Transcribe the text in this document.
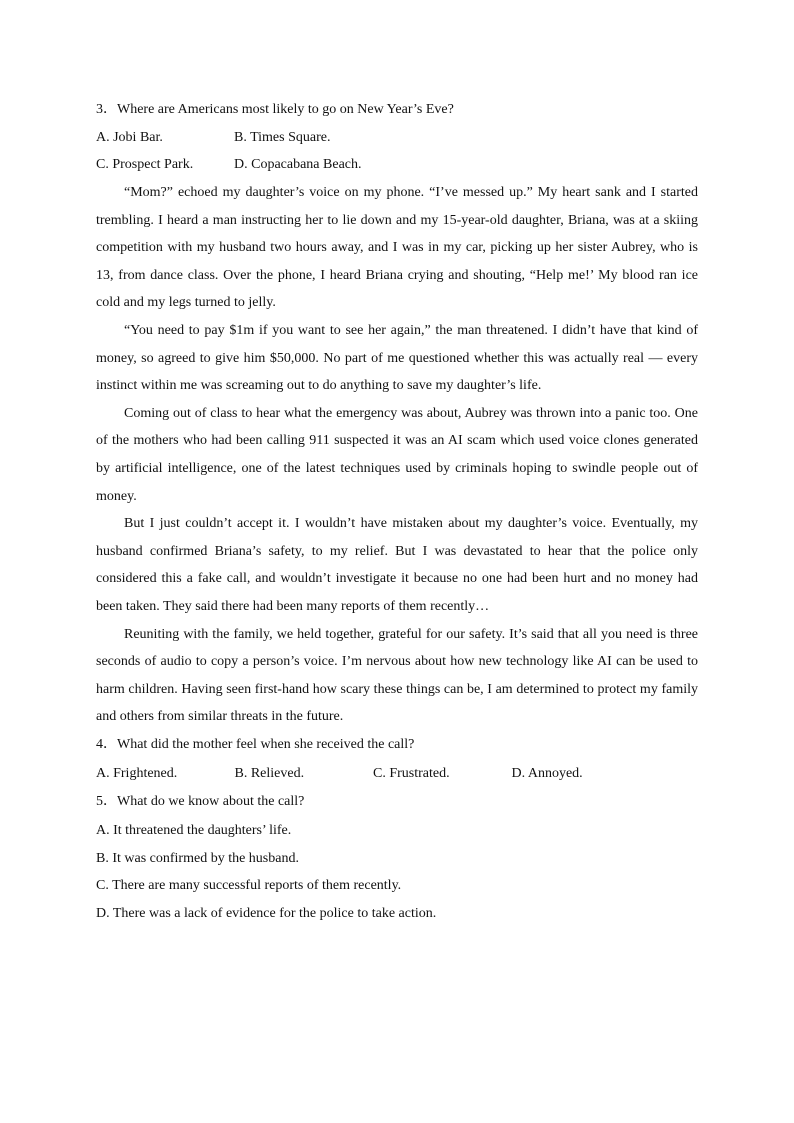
3．Where are Americans most likely to go on New Year’s Eve?
A. Jobi Bar.	B. Times Square.
C. Prospect Park.	D. Copacabana Beach.

“Mom?” echoed my daughter’s voice on my phone. “I’ve messed up.” My heart sank and I started trembling. I heard a man instructing her to lie down and my 15-year-old daughter, Briana, was at a skiing competition with my husband two hours away, and I was in my car, picking up her sister Aubrey, who is 13, from dance class. Over the phone, I heard Briana crying and shouting, “Help me!’ My blood ran ice cold and my legs turned to jelly.

“You need to pay $1m if you want to see her again,” the man threatened. I didn’t have that kind of money, so agreed to give him $50,000. No part of me questioned whether this was actually real — every instinct within me was screaming out to do anything to save my daughter’s life.

Coming out of class to hear what the emergency was about, Aubrey was thrown into a panic too. One of the mothers who had been calling 911 suspected it was an AI scam which used voice clones generated by artificial intelligence, one of the latest techniques used by criminals hoping to swindle people out of money.

But I just couldn’t accept it. I wouldn’t have mistaken about my daughter’s voice. Eventually, my husband confirmed Briana’s safety, to my relief. But I was devastated to hear that the police only considered this a fake call, and wouldn’t investigate it because no one had been hurt and no money had been taken. They said there had been many reports of them recently…

Reuniting with the family, we held together, grateful for our safety. It’s said that all you need is three seconds of audio to copy a person’s voice. I’m nervous about how new technology like AI can be used to harm children. Having seen first-hand how scary these things can be, I am determined to protect my family and others from similar threats in the future.

4．What did the mother feel when she received the call?
A. Frightened.	B. Relieved.	C. Frustrated.	D. Annoyed.
5．What do we know about the call?
A. It threatened the daughters’ life.
B. It was confirmed by the husband.
C. There are many successful reports of them recently.
D. There was a lack of evidence for the police to take action.
